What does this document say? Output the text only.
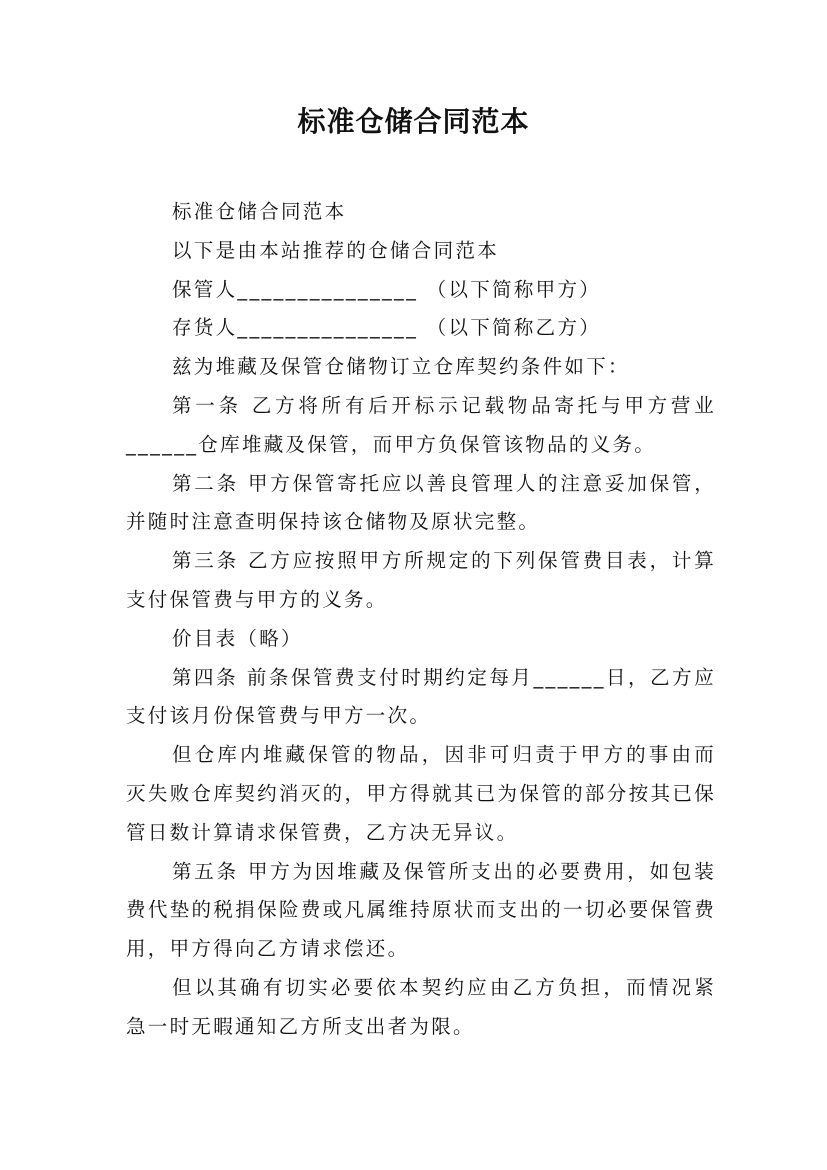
标准仓储合同范本

标准仓储合同范本

以下是由本站推荐的仓储合同范本

保管人_______________ （以下简称甲方）

存货人_______________ （以下简称乙方）

兹为堆藏及保管仓储物订立仓库契约条件如下：

第一条 乙方将所有后开标示记载物品寄托与甲方营业______仓库堆藏及保管，而甲方负保管该物品的义务。

第二条 甲方保管寄托应以善良管理人的注意妥加保管，并随时注意查明保持该仓储物及原状完整。

第三条 乙方应按照甲方所规定的下列保管费目表，计算支付保管费与甲方的义务。

价目表（略）

第四条 前条保管费支付时期约定每月______日，乙方应支付该月份保管费与甲方一次。

但仓库内堆藏保管的物品，因非可归责于甲方的事由而灭失败仓库契约消灭的，甲方得就其已为保管的部分按其已保管日数计算请求保管费，乙方决无异议。

第五条 甲方为因堆藏及保管所支出的必要费用，如包装费代垫的税捐保险费或凡属维持原状而支出的一切必要保管费用，甲方得向乙方请求偿还。

但以其确有切实必要依本契约应由乙方负担，而情况紧急一时无暇通知乙方所支出者为限。
